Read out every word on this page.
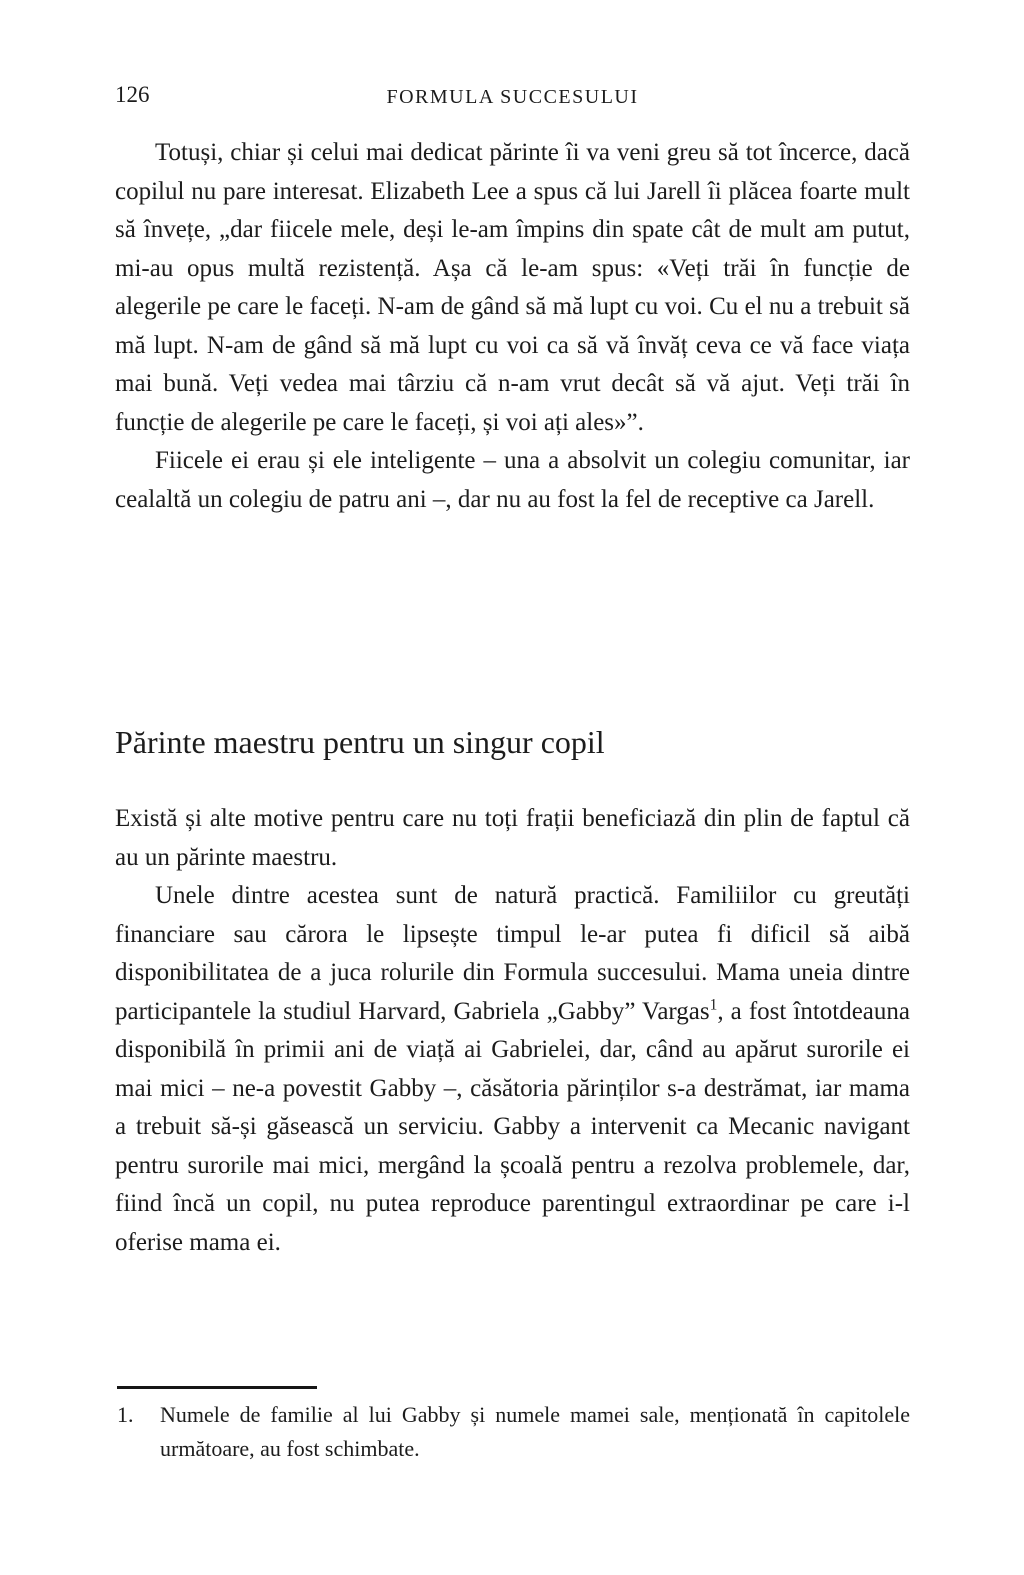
126	FORMULA SUCCESULUI

Totuși, chiar și celui mai dedicat părinte îi va veni greu să tot încerce, dacă copilul nu pare interesat. Elizabeth Lee a spus că lui Jarell îi plăcea foarte mult să învețe, „dar fiicele mele, deși le-am împins din spate cât de mult am putut, mi-au opus multă rezistență. Așa că le-am spus: «Veți trăi în funcție de alegerile pe care le faceți. N-am de gând să mă lupt cu voi. Cu el nu a trebuit să mă lupt. N-am de gând să mă lupt cu voi ca să vă învăț ceva ce vă face viața mai bună. Veți vedea mai târziu că n-am vrut decât să vă ajut. Veți trăi în funcție de alegerile pe care le faceți, și voi ați ales»”.

Fiicele ei erau și ele inteligente – una a absolvit un colegiu comunitar, iar cealaltă un colegiu de patru ani –, dar nu au fost la fel de receptive ca Jarell.

Părinte maestru pentru un singur copil

Există și alte motive pentru care nu toți frații beneficiază din plin de faptul că au un părinte maestru.

Unele dintre acestea sunt de natură practică. Familiilor cu greutăți financiare sau cărora le lipsește timpul le-ar putea fi dificil să aibă disponibilitatea de a juca rolurile din Formula succesului. Mama uneia dintre participantele la studiul Harvard, Gabriela „Gabby” Vargas$^1$, a fost întotdeauna disponibilă în primii ani de viață ai Gabrielei, dar, când au apărut surorile ei mai mici – ne-a povestit Gabby –, căsătoria părinților s-a destrămat, iar mama a trebuit să-și găsească un serviciu. Gabby a intervenit ca Mecanic navigant pentru surorile mai mici, mergând la școală pentru a rezolva problemele, dar, fiind încă un copil, nu putea reproduce parentingul extraordinar pe care i-l oferise mama ei.

1.	Numele de familie al lui Gabby și numele mamei sale, menționată în capitolele următoare, au fost schimbate.
